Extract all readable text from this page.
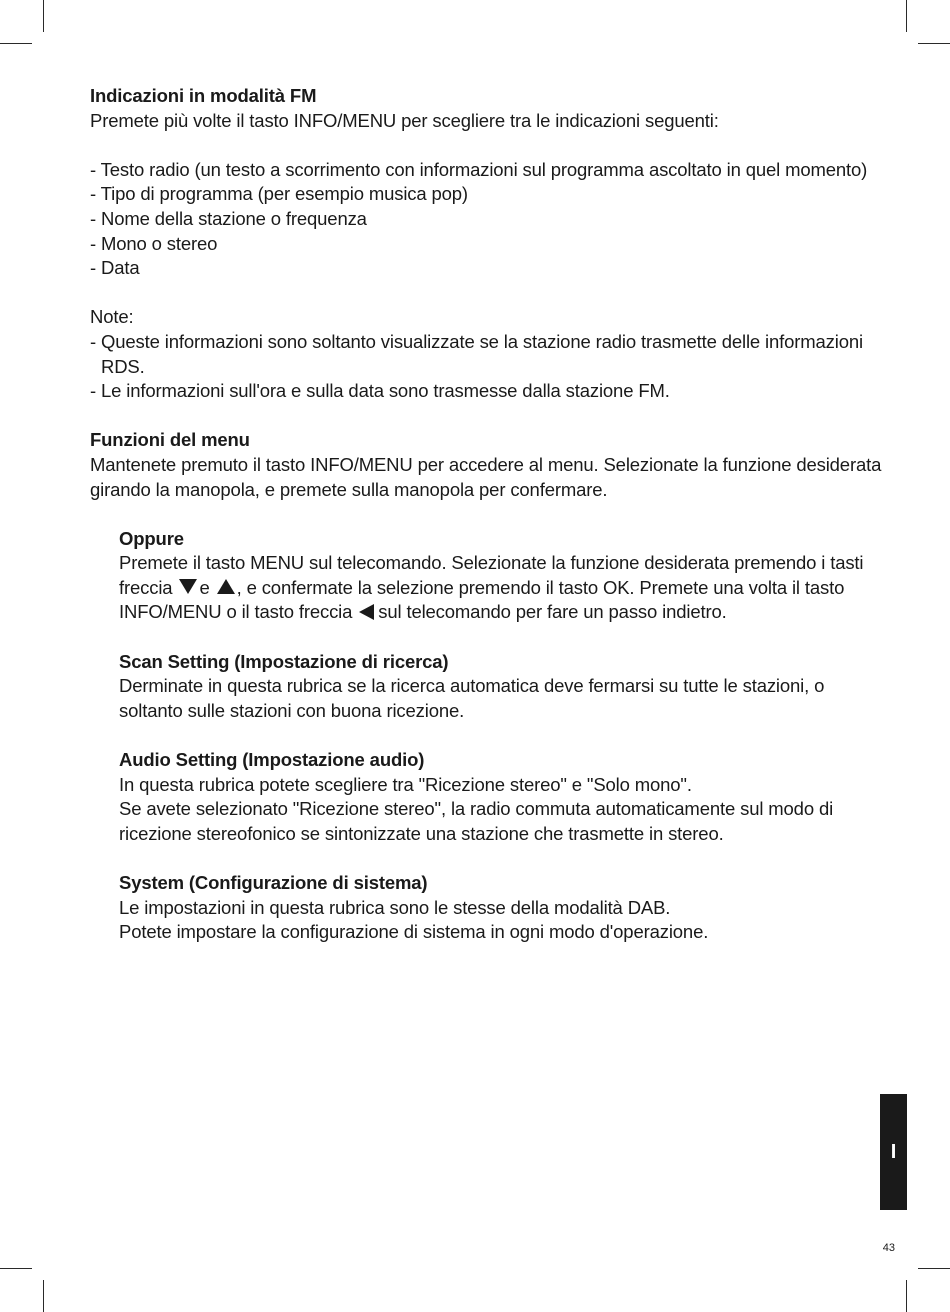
Indicazioni in modalità FM

Premete più volte il tasto INFO/MENU per scegliere tra le indicazioni seguenti:

- Testo radio (un testo a scorrimento con informazioni sul programma ascoltato in quel momento)

- Tipo di programma (per esempio musica pop)

- Nome della stazione o frequenza

- Mono o stereo

- Data

Note:

- Queste informazioni sono soltanto visualizzate se la stazione radio trasmette delle informazioni RDS.

- Le informazioni sull'ora e sulla data sono trasmesse dalla stazione FM.

Funzioni del menu

Mantenete premuto il tasto INFO/MENU per accedere al menu. Selezionate la funzione desiderata

girando la manopola, e premete sulla manopola per confermare.

Oppure

Premete il tasto MENU sul telecomando. Selezionate la funzione desiderata premendo i tasti

freccia e , e confermate la selezione premendo il tasto OK. Premete una volta il tasto

INFO/MENU o il tasto freccia sul telecomando per fare un passo indietro.

Scan Setting (Impostazione di ricerca)

Derminate in questa rubrica se la ricerca automatica deve fermarsi su tutte le stazioni, o

soltanto sulle stazioni con buona ricezione.

Audio Setting (Impostazione audio)

In questa rubrica potete scegliere tra "Ricezione stereo" e "Solo mono".

Se avete selezionato "Ricezione stereo", la radio commuta automaticamente sul modo di

ricezione stereofonico se sintonizzate una stazione che trasmette in stereo.

System (Configurazione di sistema)

Le impostazioni in questa rubrica sono le stesse della modalità DAB.

Potete impostare la configurazione di sistema in ogni modo d'operazione.

I
43
